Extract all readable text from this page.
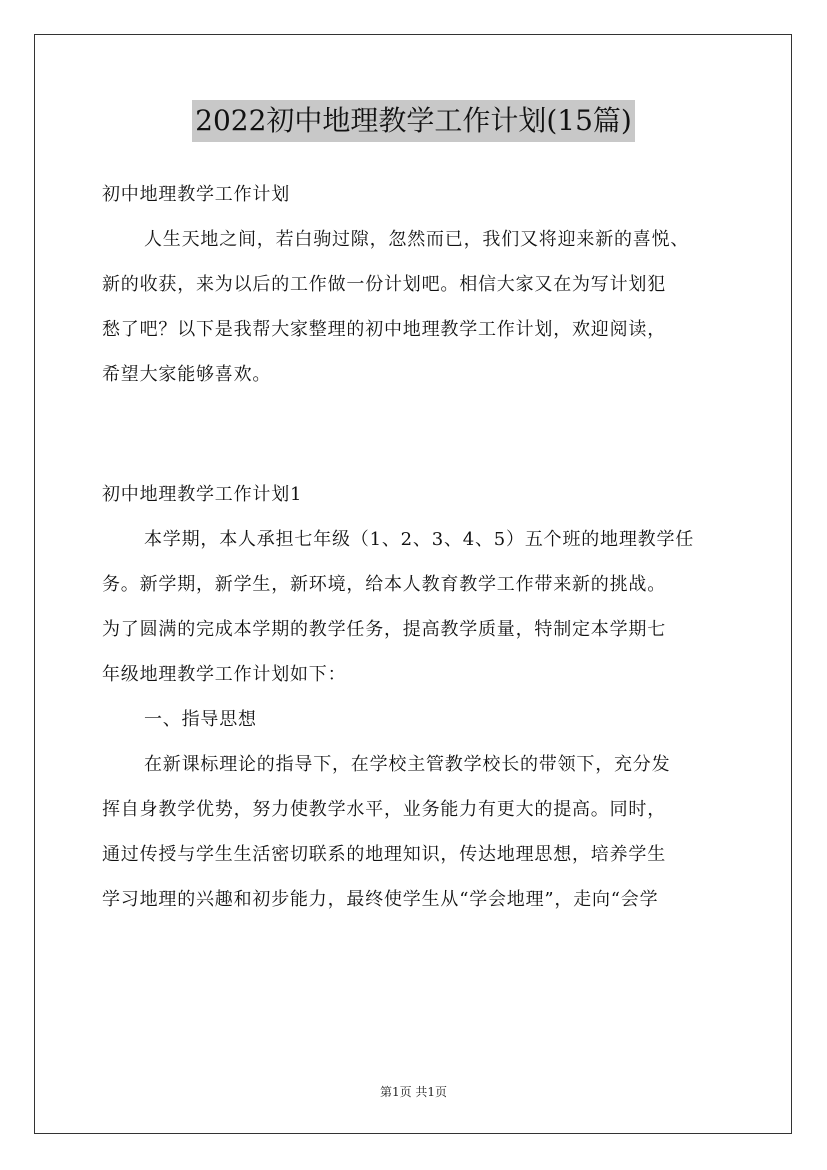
2022初中地理教学工作计划(15篇)
初中地理教学工作计划
人生天地之间，若白驹过隙，忽然而已，我们又将迎来新的喜悦、
新的收获，来为以后的工作做一份计划吧。相信大家又在为写计划犯
愁了吧？以下是我帮大家整理的初中地理教学工作计划，欢迎阅读，
希望大家能够喜欢。
初中地理教学工作计划1
本学期，本人承担七年级（1、2、3、4、5）五个班的地理教学任
务。新学期，新学生，新环境，给本人教育教学工作带来新的挑战。
为了圆满的完成本学期的教学任务，提高教学质量，特制定本学期七
年级地理教学工作计划如下：
一、指导思想
在新课标理论的指导下，在学校主管教学校长的带领下，充分发
挥自身教学优势，努力使教学水平，业务能力有更大的提高。同时，
通过传授与学生生活密切联系的地理知识，传达地理思想，培养学生
学习地理的兴趣和初步能力，最终使学生从“学会地理”，走向“会学
第1页 共1页
